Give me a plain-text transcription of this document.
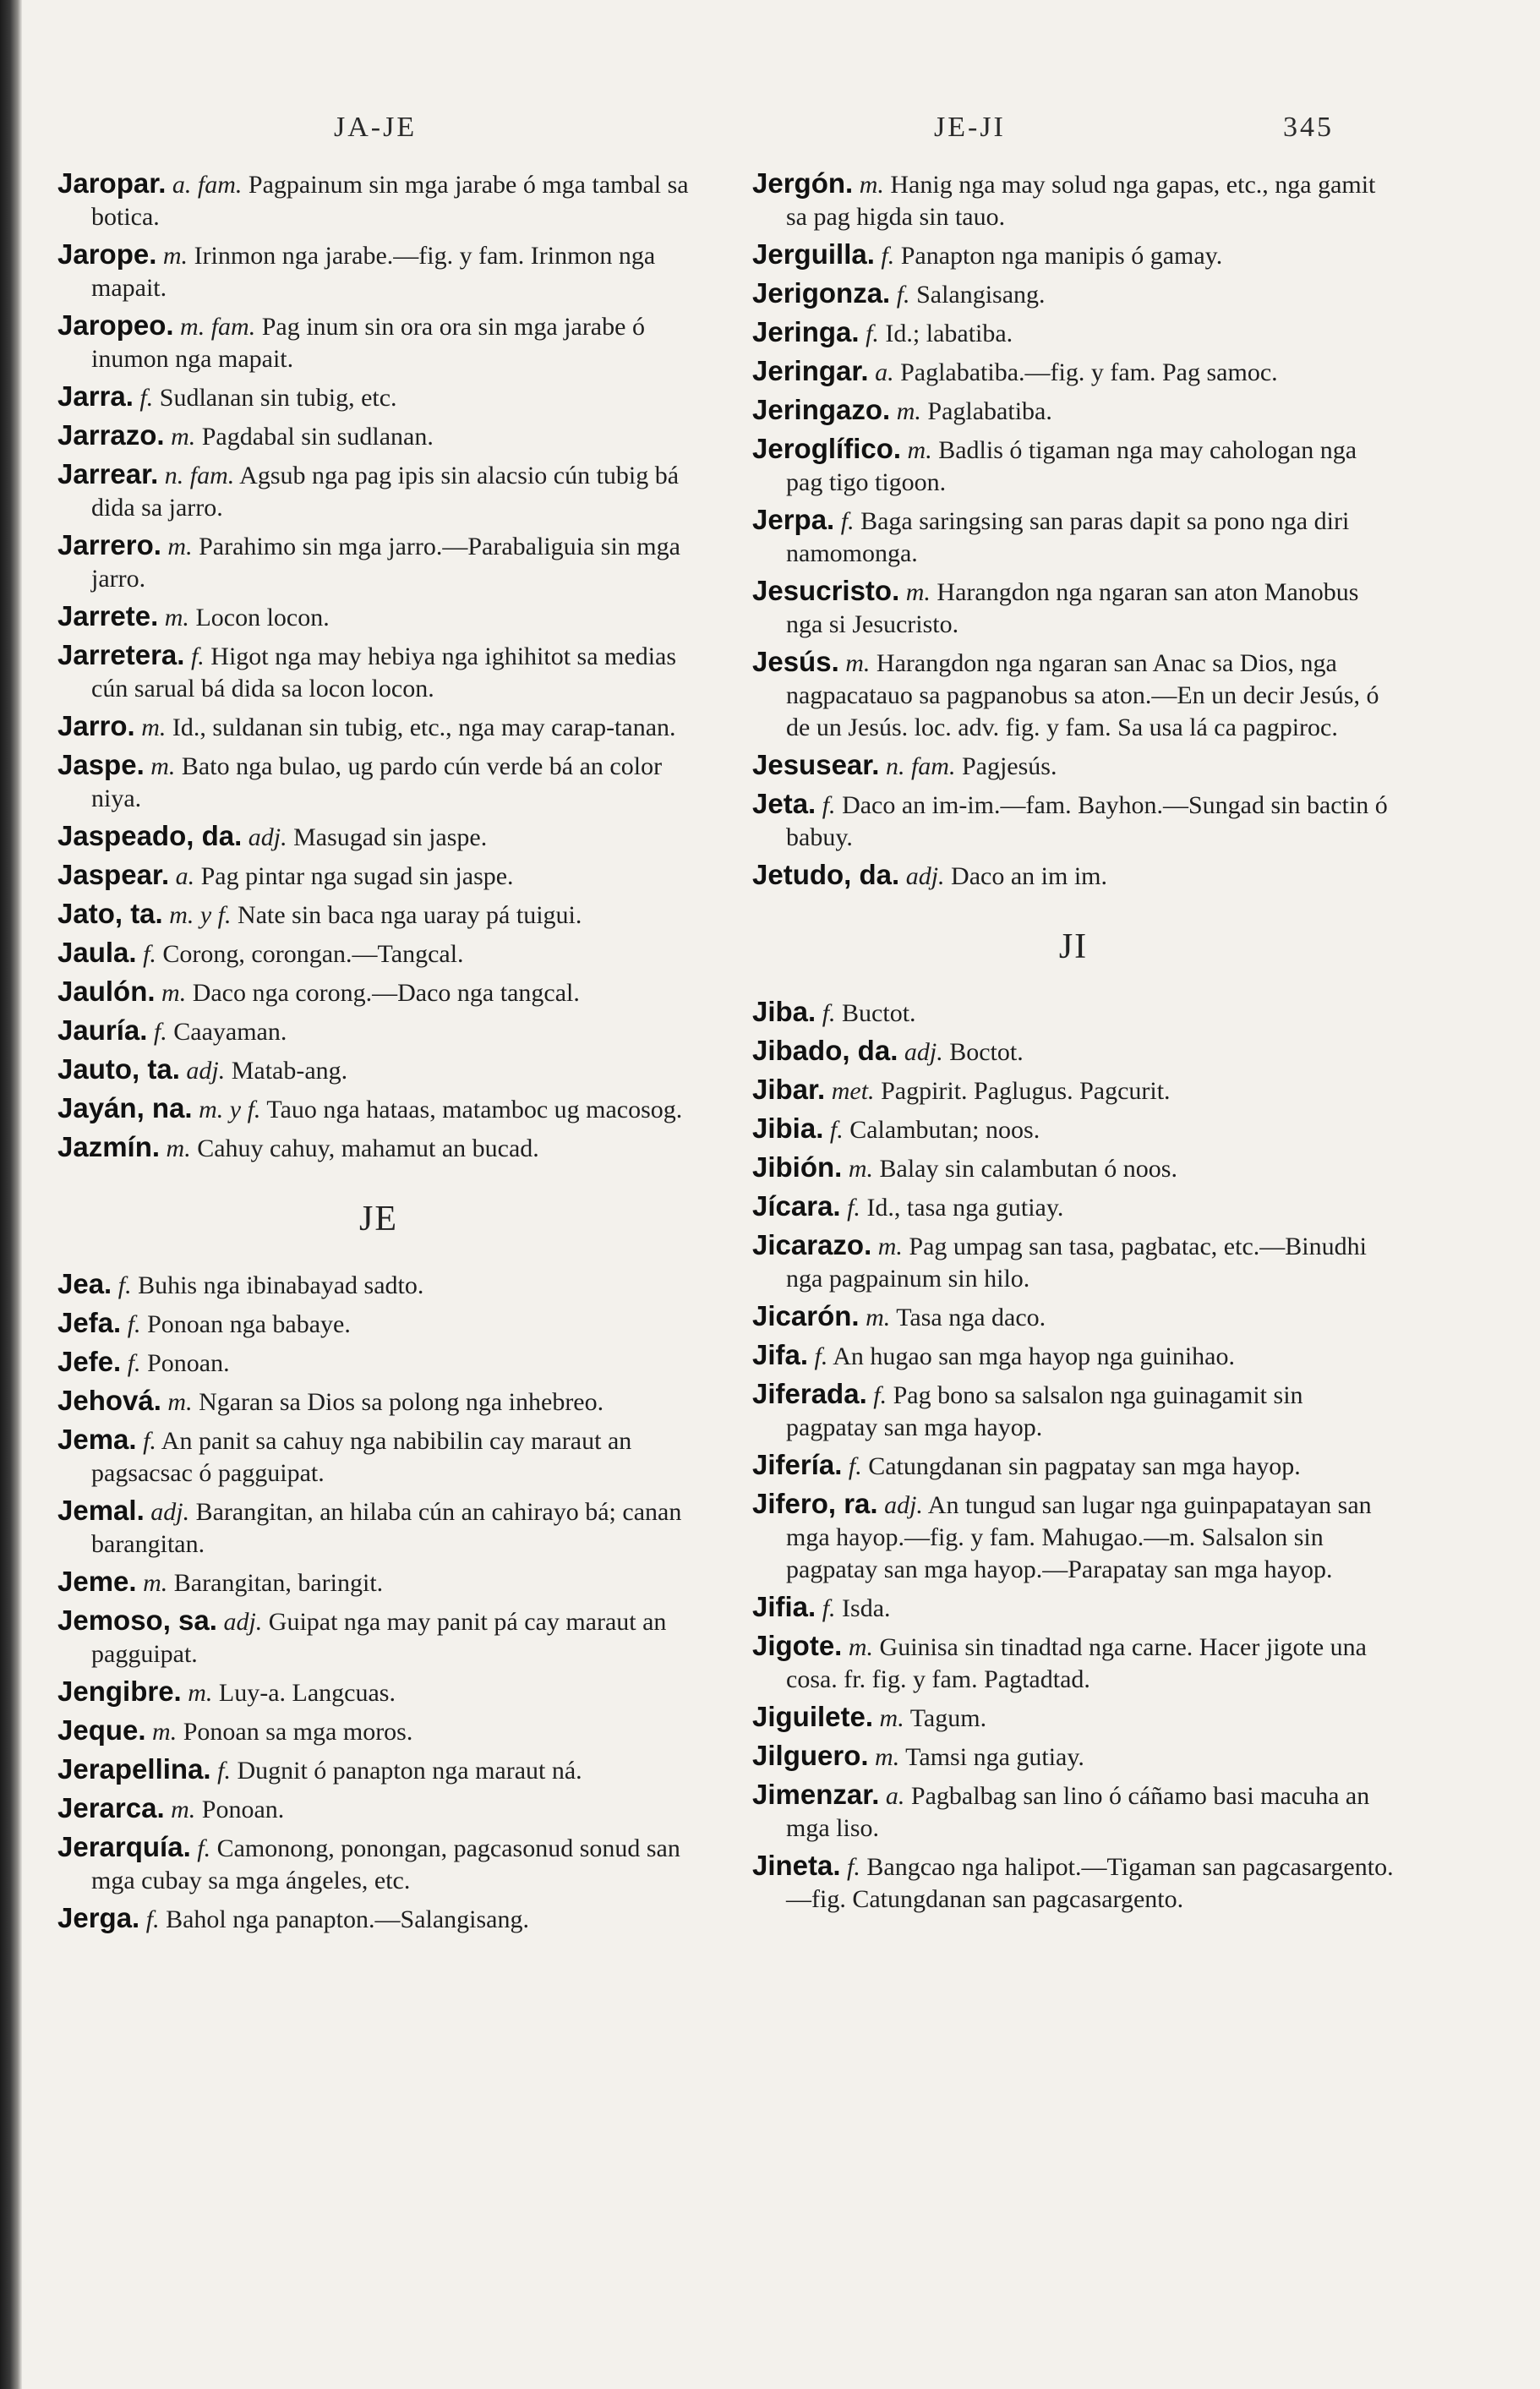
JA-JE	JE-JI	345
Jaropar. a. fam. Pagpainum sin mga jarabe ó mga tambal sa botica.
Jarope. m. Irinmon nga jarabe.—fig. y fam. Irinmon nga mapait.
Jaropeo. m. fam. Pag inum sin ora ora sin mga jarabe ó inumon nga mapait.
Jarra. f. Sudlanan sin tubig, etc.
Jarrazo. m. Pagdabal sin sudlanan.
Jarrear. n. fam. Agsub nga pag ipis sin alacsio cún tubig bá dida sa jarro.
Jarrero. m. Parahimo sin mga jarro.—Parabaliguia sin mga jarro.
Jarrete. m. Locon locon.
Jarretera. f. Higot nga may hebiya nga ighihitot sa medias cún sarual bá dida sa locon locon.
Jarro. m. Id., suldanan sin tubig, etc., nga may carap-tanan.
Jaspe. m. Bato nga bulao, ug pardo cún verde bá an color niya.
Jaspeado, da. adj. Masugad sin jaspe.
Jaspear. a. Pag pintar nga sugad sin jaspe.
Jato, ta. m. y f. Nate sin baca nga uaray pá tuigui.
Jaula. f. Corong, corongan.—Tangcal.
Jaulón. m. Daco nga corong.—Daco nga tangcal.
Jauría. f. Caayaman.
Jauto, ta. adj. Matab-ang.
Jayán, na. m. y f. Tauo nga hataas, matamboc ug macosog.
Jazmín. m. Cahuy cahuy, mahamut an bucad.
JE
Jea. f. Buhis nga ibinabayad sadto.
Jefa. f. Ponoan nga babaye.
Jefe. f. Ponoan.
Jehová. m. Ngaran sa Dios sa polong nga inhebreo.
Jema. f. An panit sa cahuy nga nabibilin cay maraut an pagsacsac ó pagguipat.
Jemal. adj. Barangitan, an hilaba cún an cahirayo bá; canan barangitan.
Jeme. m. Barangitan, baringit.
Jemoso, sa. adj. Guipat nga may panit pá cay maraut an pagguipat.
Jengibre. m. Luy-a. Langcuas.
Jeque. m. Ponoan sa mga moros.
Jerapellina. f. Dugnit ó panapton nga maraut ná.
Jerarca. m. Ponoan.
Jerarquía. f. Camonong, ponongan, pagcasonud sonud san mga cubay sa mga ángeles, etc.
Jerga. f. Bahol nga panapton.—Salangisang.
Jergón. m. Hanig nga may solud nga gapas, etc., nga gamit sa pag higda sin tauo.
Jerguilla. f. Panapton nga manipis ó gamay.
Jerigonza. f. Salangisang.
Jeringa. f. Id.; labatiba.
Jeringar. a. Paglabatiba.—fig. y fam. Pag samoc.
Jeringazo. m. Paglabatiba.
Jeroglífico. m. Badlis ó tigaman nga may cahologan nga pag tigo tigoon.
Jerpa. f. Baga saringsing san paras dapit sa pono nga diri namomonga.
Jesucristo. m. Harangdon nga ngaran san aton Manobus nga si Jesucristo.
Jesús. m. Harangdon nga ngaran san Anac sa Dios, nga nagpacatauo sa pagpanobus sa aton.—En un decir Jesús, ó de un Jesús. loc. adv. fig. y fam. Sa usa lá ca pagpiroc.
Jesusear. n. fam. Pagjesús.
Jeta. f. Daco an im-im.—fam. Bayhon.—Sungad sin bactin ó babuy.
Jetudo, da. adj. Daco an im im.
JI
Jiba. f. Buctot.
Jibado, da. adj. Boctot.
Jibar. met. Pagpirit. Paglugus. Pagcurit.
Jibia. f. Calambutan; noos.
Jibión. m. Balay sin calambutan ó noos.
Jícara. f. Id., tasa nga gutiay.
Jicarazo. m. Pag umpag san tasa, pagbatac, etc.—Binudhi nga pagpainum sin hilo.
Jicarón. m. Tasa nga daco.
Jifa. f. An hugao san mga hayop nga guinihao.
Jiferada. f. Pag bono sa salsalon nga guinagamit sin pagpatay san mga hayop.
Jifería. f. Catungdanan sin pagpatay san mga hayop.
Jifero, ra. adj. An tungud san lugar nga guinpapatayan san mga hayop.—fig. y fam. Mahugao.—m. Salsalon sin pagpatay san mga hayop.—Parapatay san mga hayop.
Jifia. f. Isda.
Jigote. m. Guinisa sin tinadtad nga carne. Hacer jigote una cosa. fr. fig. y fam. Pagtadtad.
Jiguilete. m. Tagum.
Jilguero. m. Tamsi nga gutiay.
Jimenzar. a. Pagbalbag san lino ó cáñamo basi macuha an mga liso.
Jineta. f. Bangcao nga halipot.—Tigaman san pagcasargento.—fig. Catungdanan san pagcasargento.
